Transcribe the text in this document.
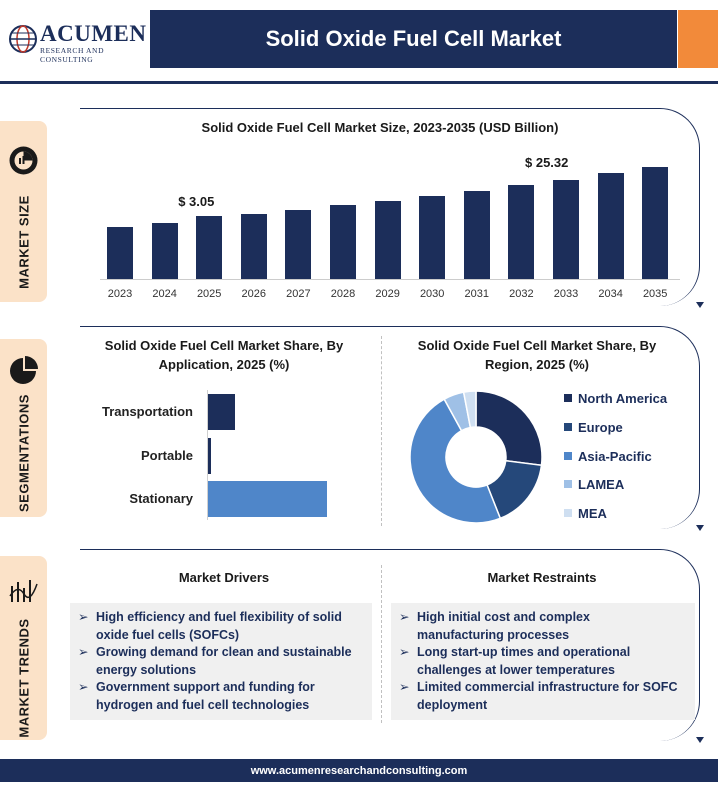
ACUMEN
RESEARCH AND CONSULTING
Solid Oxide Fuel Cell Market
MARKET SIZE
SEGMENTATIONS
MARKET TRENDS
Solid Oxide Fuel Cell Market Size, 2023-2035 (USD Billion)
2023	2024	2025	2026	2027	2028	2029	2030	2031	2032	2033	2034	2035
$ 3.05
$ 25.32
Solid Oxide Fuel Cell Market Share, By
Application, 2025 (%)
Solid Oxide Fuel Cell Market Share, By
Region, 2025 (%)
Transportation
Portable
Stationary
North America
Europe
Asia-Pacific
LAMEA
MEA
Market Drivers	Market Restraints
➢ High efficiency and fuel flexibility of solid
oxide fuel cells (SOFCs)
➢ Growing demand for clean and sustainable
energy solutions
➢ Government support and funding for
hydrogen and fuel cell technologies
➢ High initial cost and complex
manufacturing processes
➢ Long start-up times and operational
challenges at lower temperatures
➢ Limited commercial infrastructure for SOFC
deployment
www.acumenresearchandconsulting.com
